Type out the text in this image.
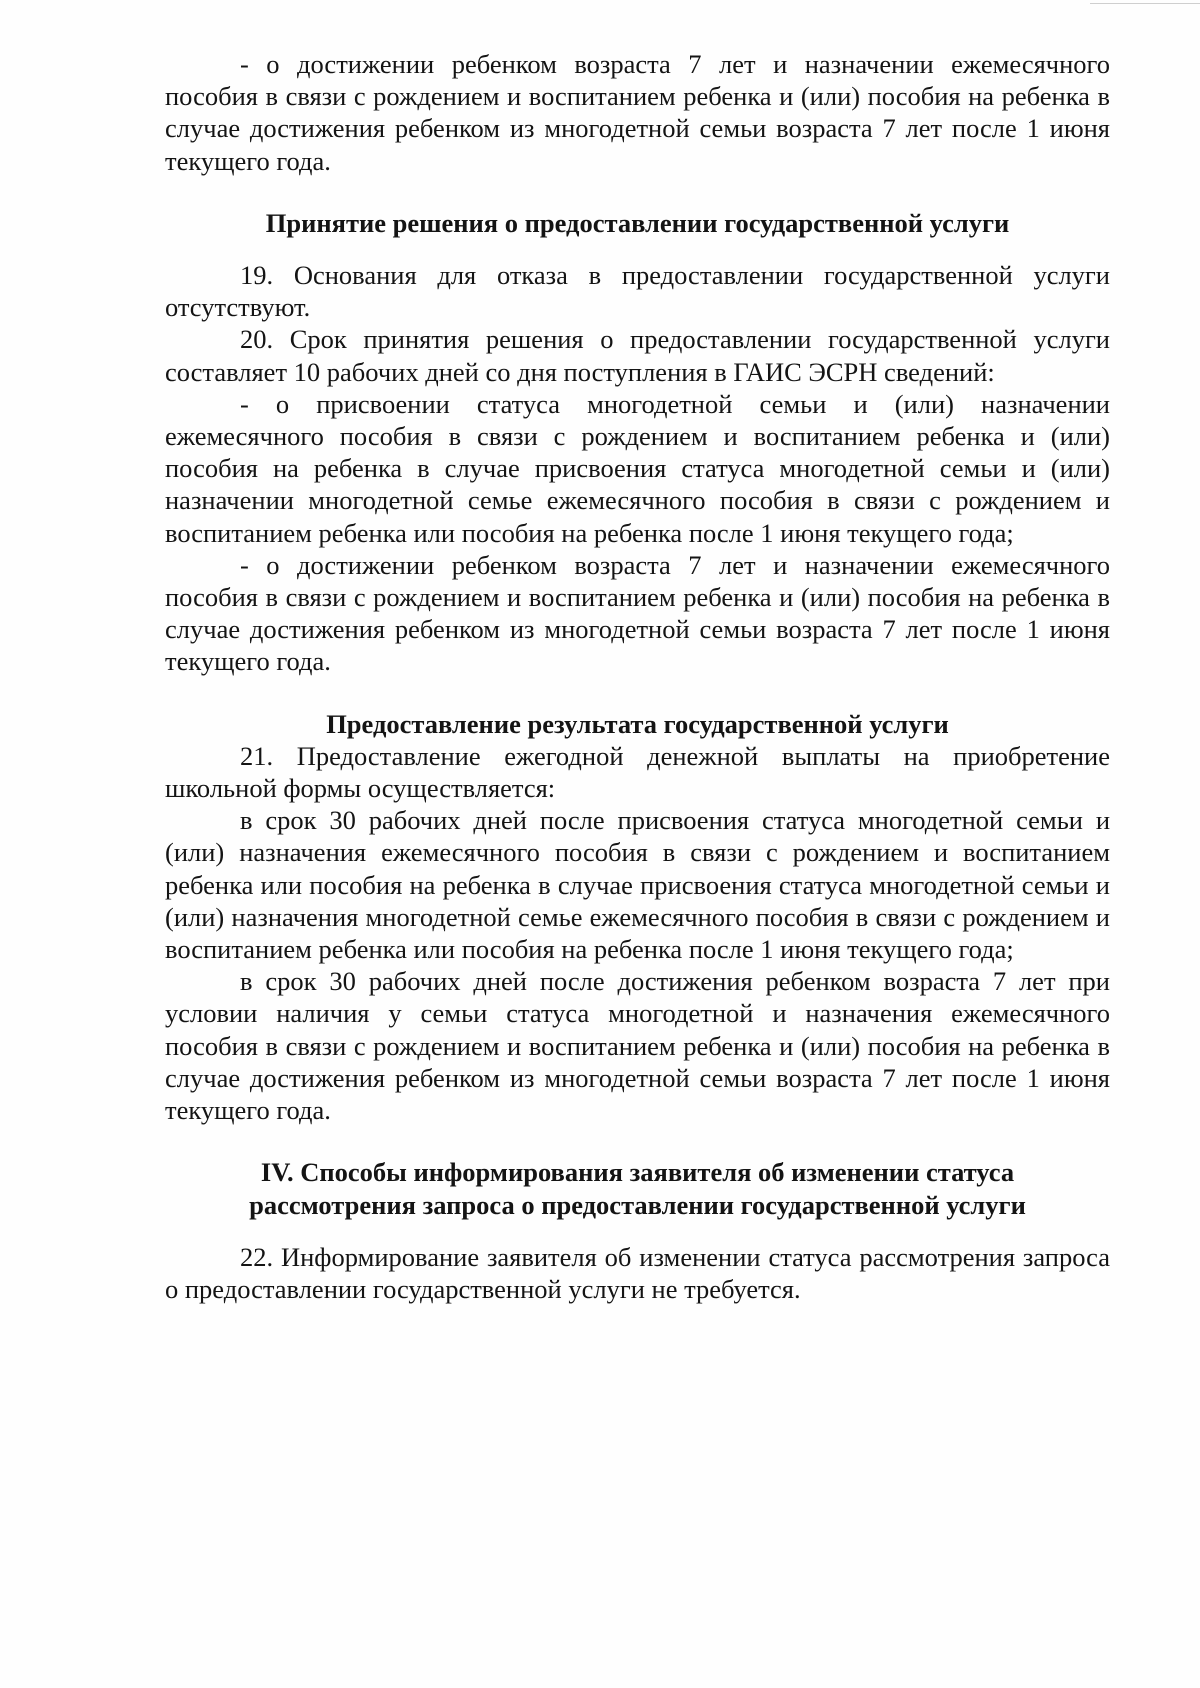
- о достижении ребенком возраста 7 лет и назначении ежемесячного пособия в связи с рождением и воспитанием ребенка и (или) пособия на ребенка в случае достижения ребенком из многодетной семьи возраста 7 лет после 1 июня текущего года.

Принятие решения о предоставлении государственной услуги

19. Основания для отказа в предоставлении государственной услуги отсутствуют.

20. Срок принятия решения о предоставлении государственной услуги составляет 10 рабочих дней со дня поступления в ГАИС ЭСРН сведений:

- о присвоении статуса многодетной семьи и (или) назначении ежемесячного пособия в связи с рождением и воспитанием ребенка и (или) пособия на ребенка в случае присвоения статуса многодетной семьи и (или) назначении многодетной семье ежемесячного пособия в связи с рождением и воспитанием ребенка или пособия на ребенка после 1 июня текущего года;

- о достижении ребенком возраста 7 лет и назначении ежемесячного пособия в связи с рождением и воспитанием ребенка и (или) пособия на ребенка в случае достижения ребенком из многодетной семьи возраста 7 лет после 1 июня текущего года.

Предоставление результата государственной услуги

21. Предоставление ежегодной денежной выплаты на приобретение школьной формы осуществляется:

в срок 30 рабочих дней после присвоения статуса многодетной семьи и (или) назначения ежемесячного пособия в связи с рождением и воспитанием ребенка или пособия на ребенка в случае присвоения статуса многодетной семьи и (или) назначения многодетной семье ежемесячного пособия в связи с рождением и воспитанием ребенка или пособия на ребенка после 1 июня текущего года;

в срок 30 рабочих дней после достижения ребенком возраста 7 лет при условии наличия у семьи статуса многодетной и назначения ежемесячного пособия в связи с рождением и воспитанием ребенка и (или) пособия на ребенка в случае достижения ребенком из многодетной семьи возраста 7 лет после 1 июня текущего года.

IV. Способы информирования заявителя об изменении статуса

рассмотрения запроса о предоставлении государственной услуги

22. Информирование заявителя об изменении статуса рассмотрения запроса о предоставлении государственной услуги не требуется.
